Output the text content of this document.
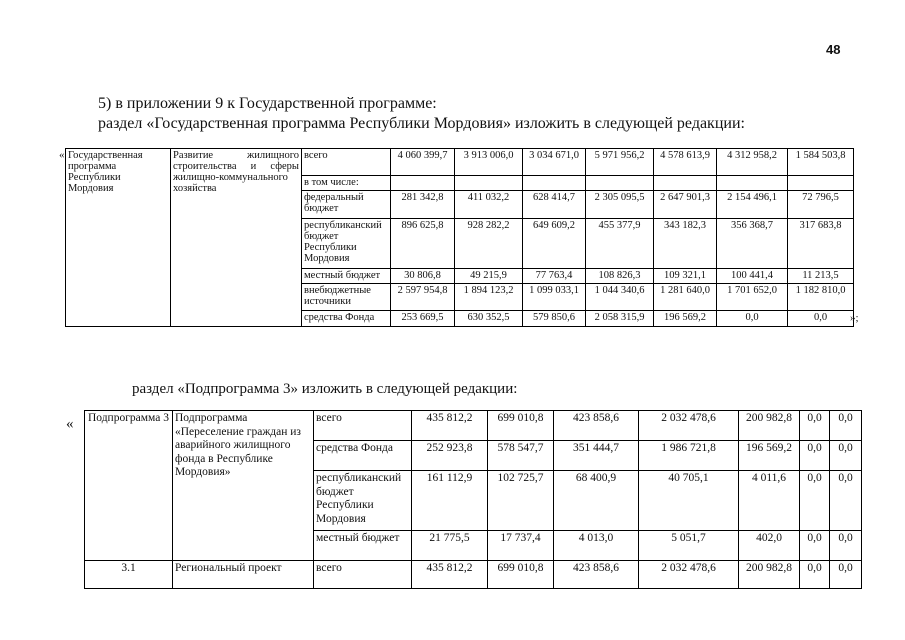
48
5) в приложении 9 к Государственной программе:
раздел «Государственная программа Республики Мордовия» изложить в следующей редакции:
« Государственная программа Республики Мордовия	Развитие жилищного строительства и сферы жилищно-коммунального хозяйства	всего	4 060 399,7	3 913 006,0	3 034 671,0	5 971 956,2	4 578 613,9	4 312 958,2	1 584 503,8
		в том числе:							
		федеральный бюджет	281 342,8	411 032,2	628 414,7	2 305 095,5	2 647 901,3	2 154 496,1	72 796,5
		республиканский бюджет Республики Мордовия	896 625,8	928 282,2	649 609,2	455 377,9	343 182,3	356 368,7	317 683,8
		местный бюджет	30 806,8	49 215,9	77 763,4	108 826,3	109 321,1	100 441,4	11 213,5
		внебюджетные источники	2 597 954,8	1 894 123,2	1 099 033,1	1 044 340,6	1 281 640,0	1 701 652,0	1 182 810,0
		средства Фонда	253 669,5	630 352,5	579 850,6	2 058 315,9	196 569,2	0,0	0,0 »;
раздел «Подпрограмма 3» изложить в следующей редакции:
« Подпрограмма 3	Подпрограмма «Переселение граждан из аварийного жилищного фонда в Республике Мордовия»	всего	435 812,2	699 010,8	423 858,6	2 032 478,6	200 982,8	0,0	0,0
		средства Фонда	252 923,8	578 547,7	351 444,7	1 986 721,8	196 569,2	0,0	0,0
		республиканский бюджет Республики Мордовия	161 112,9	102 725,7	68 400,9	40 705,1	4 011,6	0,0	0,0
		местный бюджет	21 775,5	17 737,4	4 013,0	5 051,7	402,0	0,0	0,0
3.1	Региональный проект	всего	435 812,2	699 010,8	423 858,6	2 032 478,6	200 982,8	0,0	0,0
